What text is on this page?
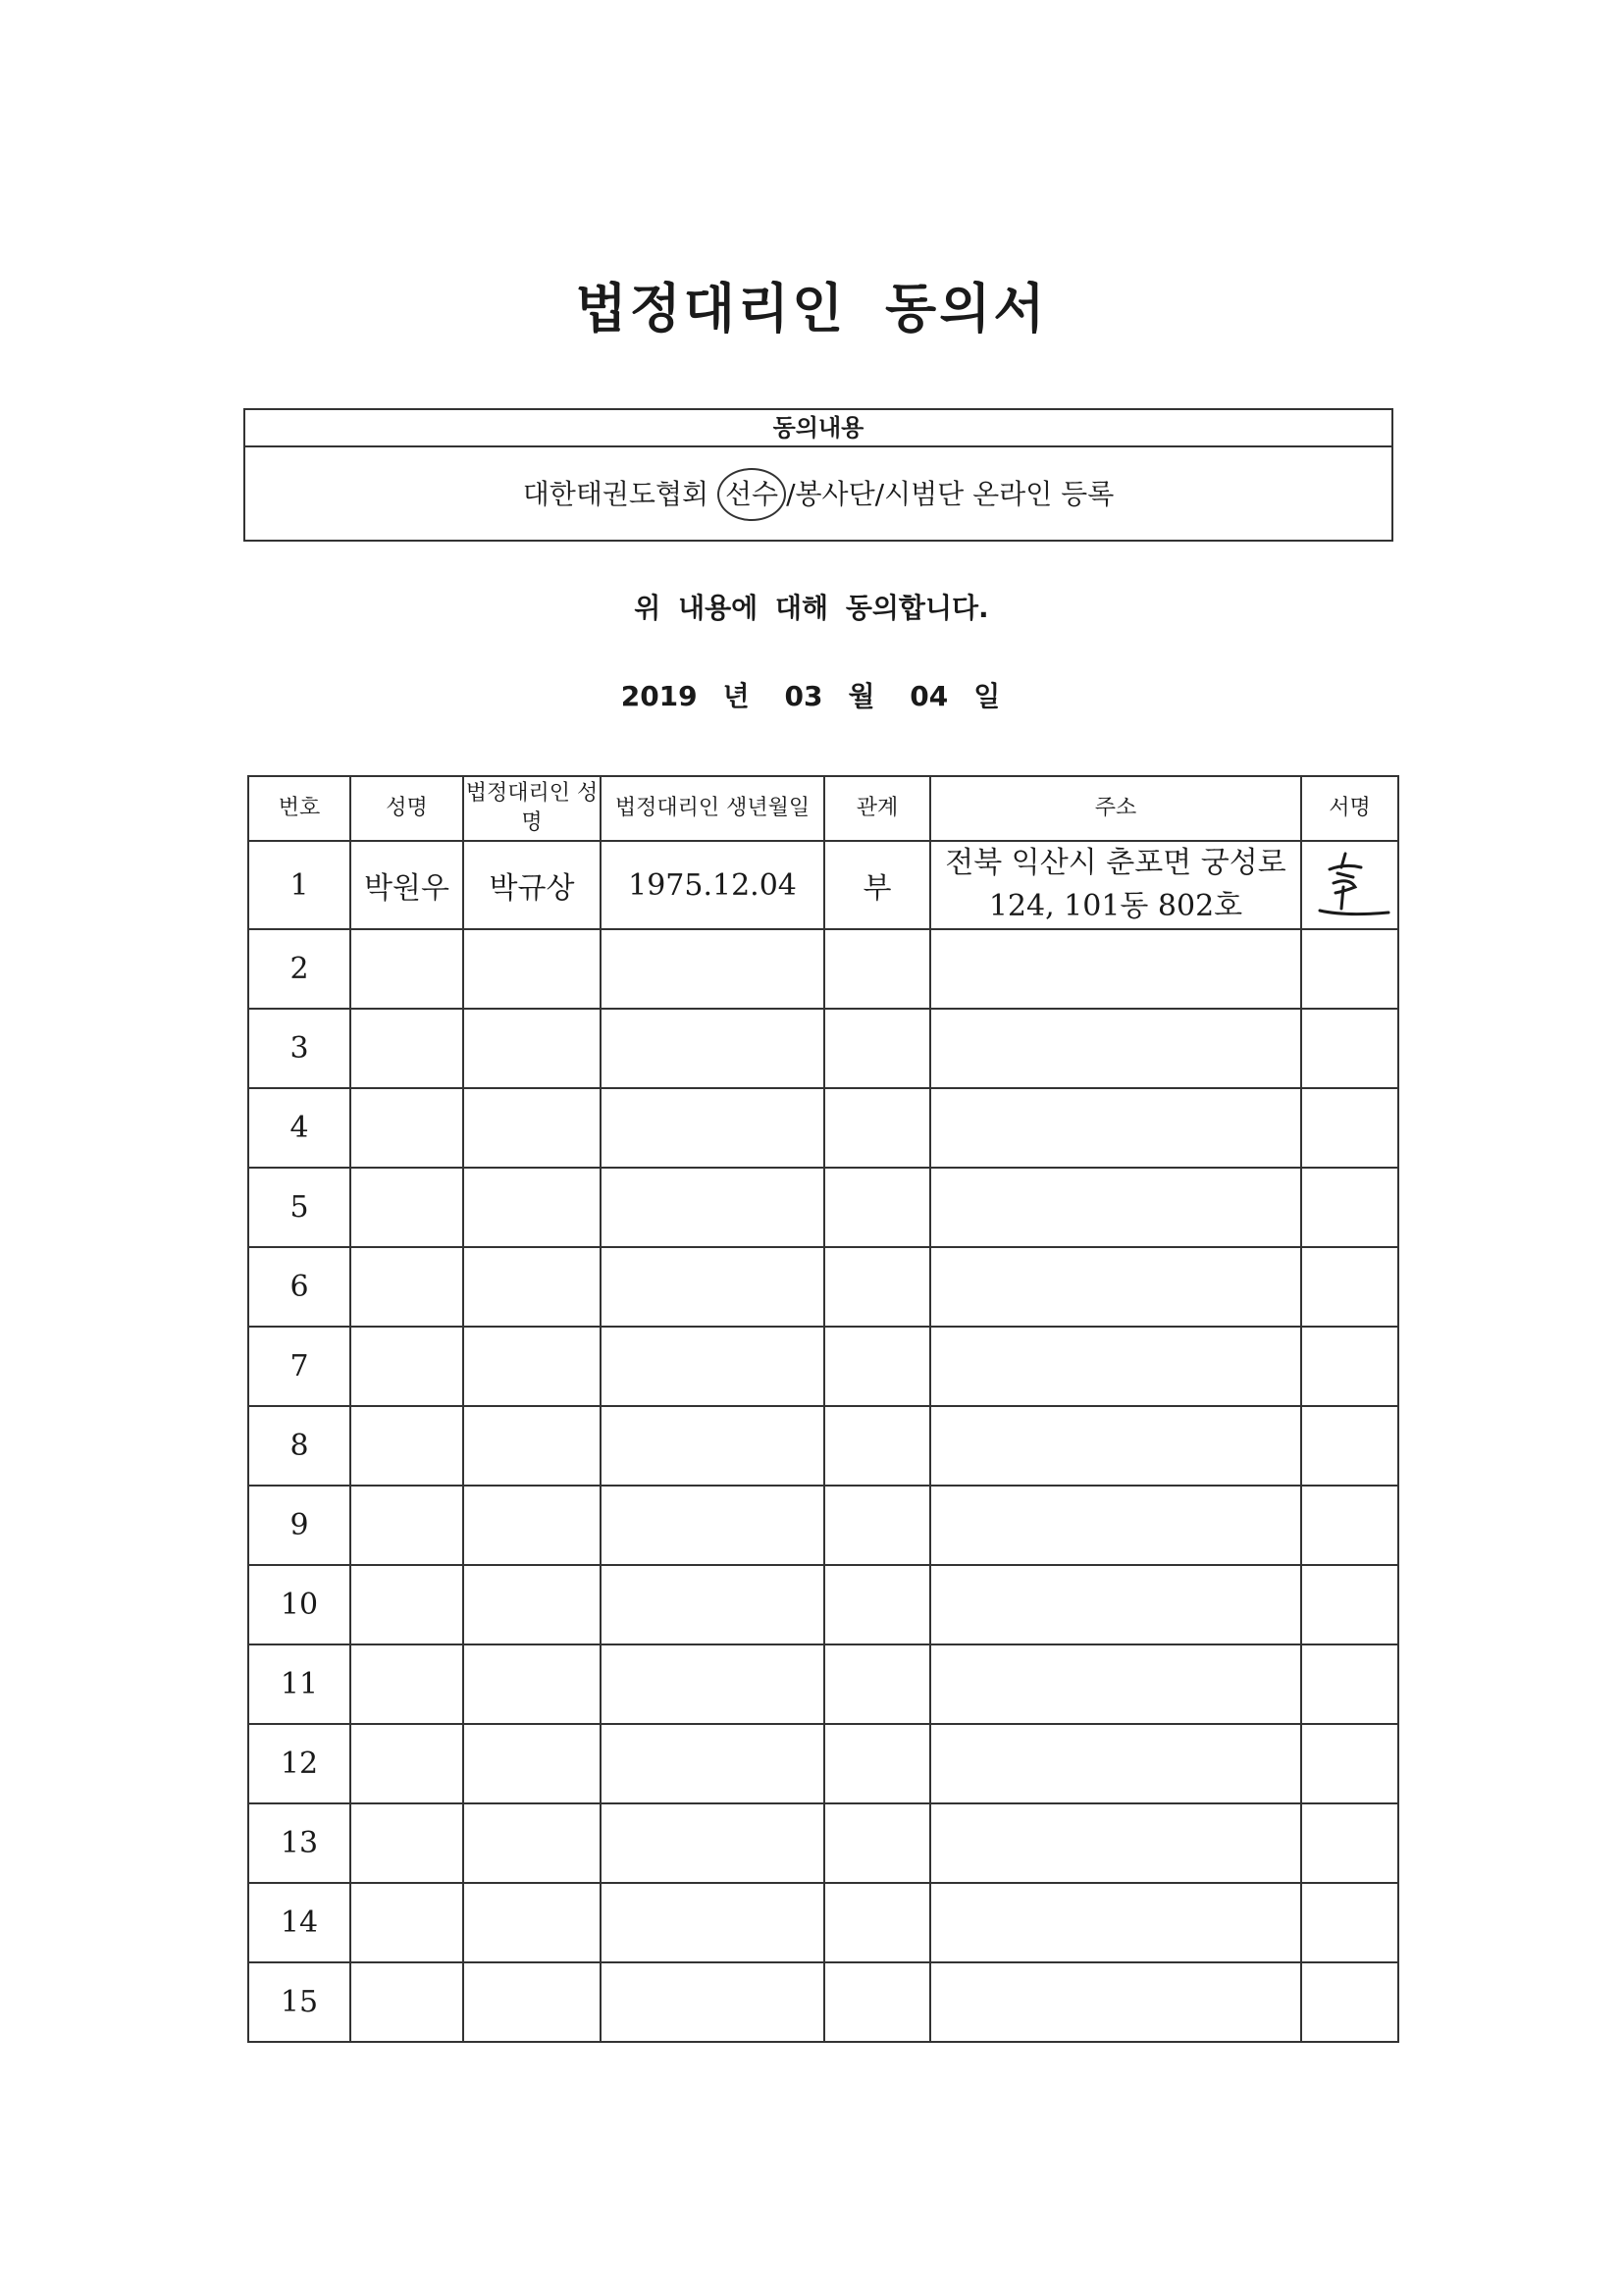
법정대리인 동의서
동의내용
대한태권도협회 선수 /봉사단/시범단 온라인 등록
위 내용에 대해 동의합니다.
2019 년 03 월 04 일
번호	성명	법정대리인 성명	법정대리인 생년월일	관계	주소	서명
1	박원우	박규상	1975.12.04	부	전북 익산시 춘포면 궁성로
124, 101동 802호

2						
3						
4						
5						
6						
7						
8						
9						
10						
11						
12						
13						
14						
15						
